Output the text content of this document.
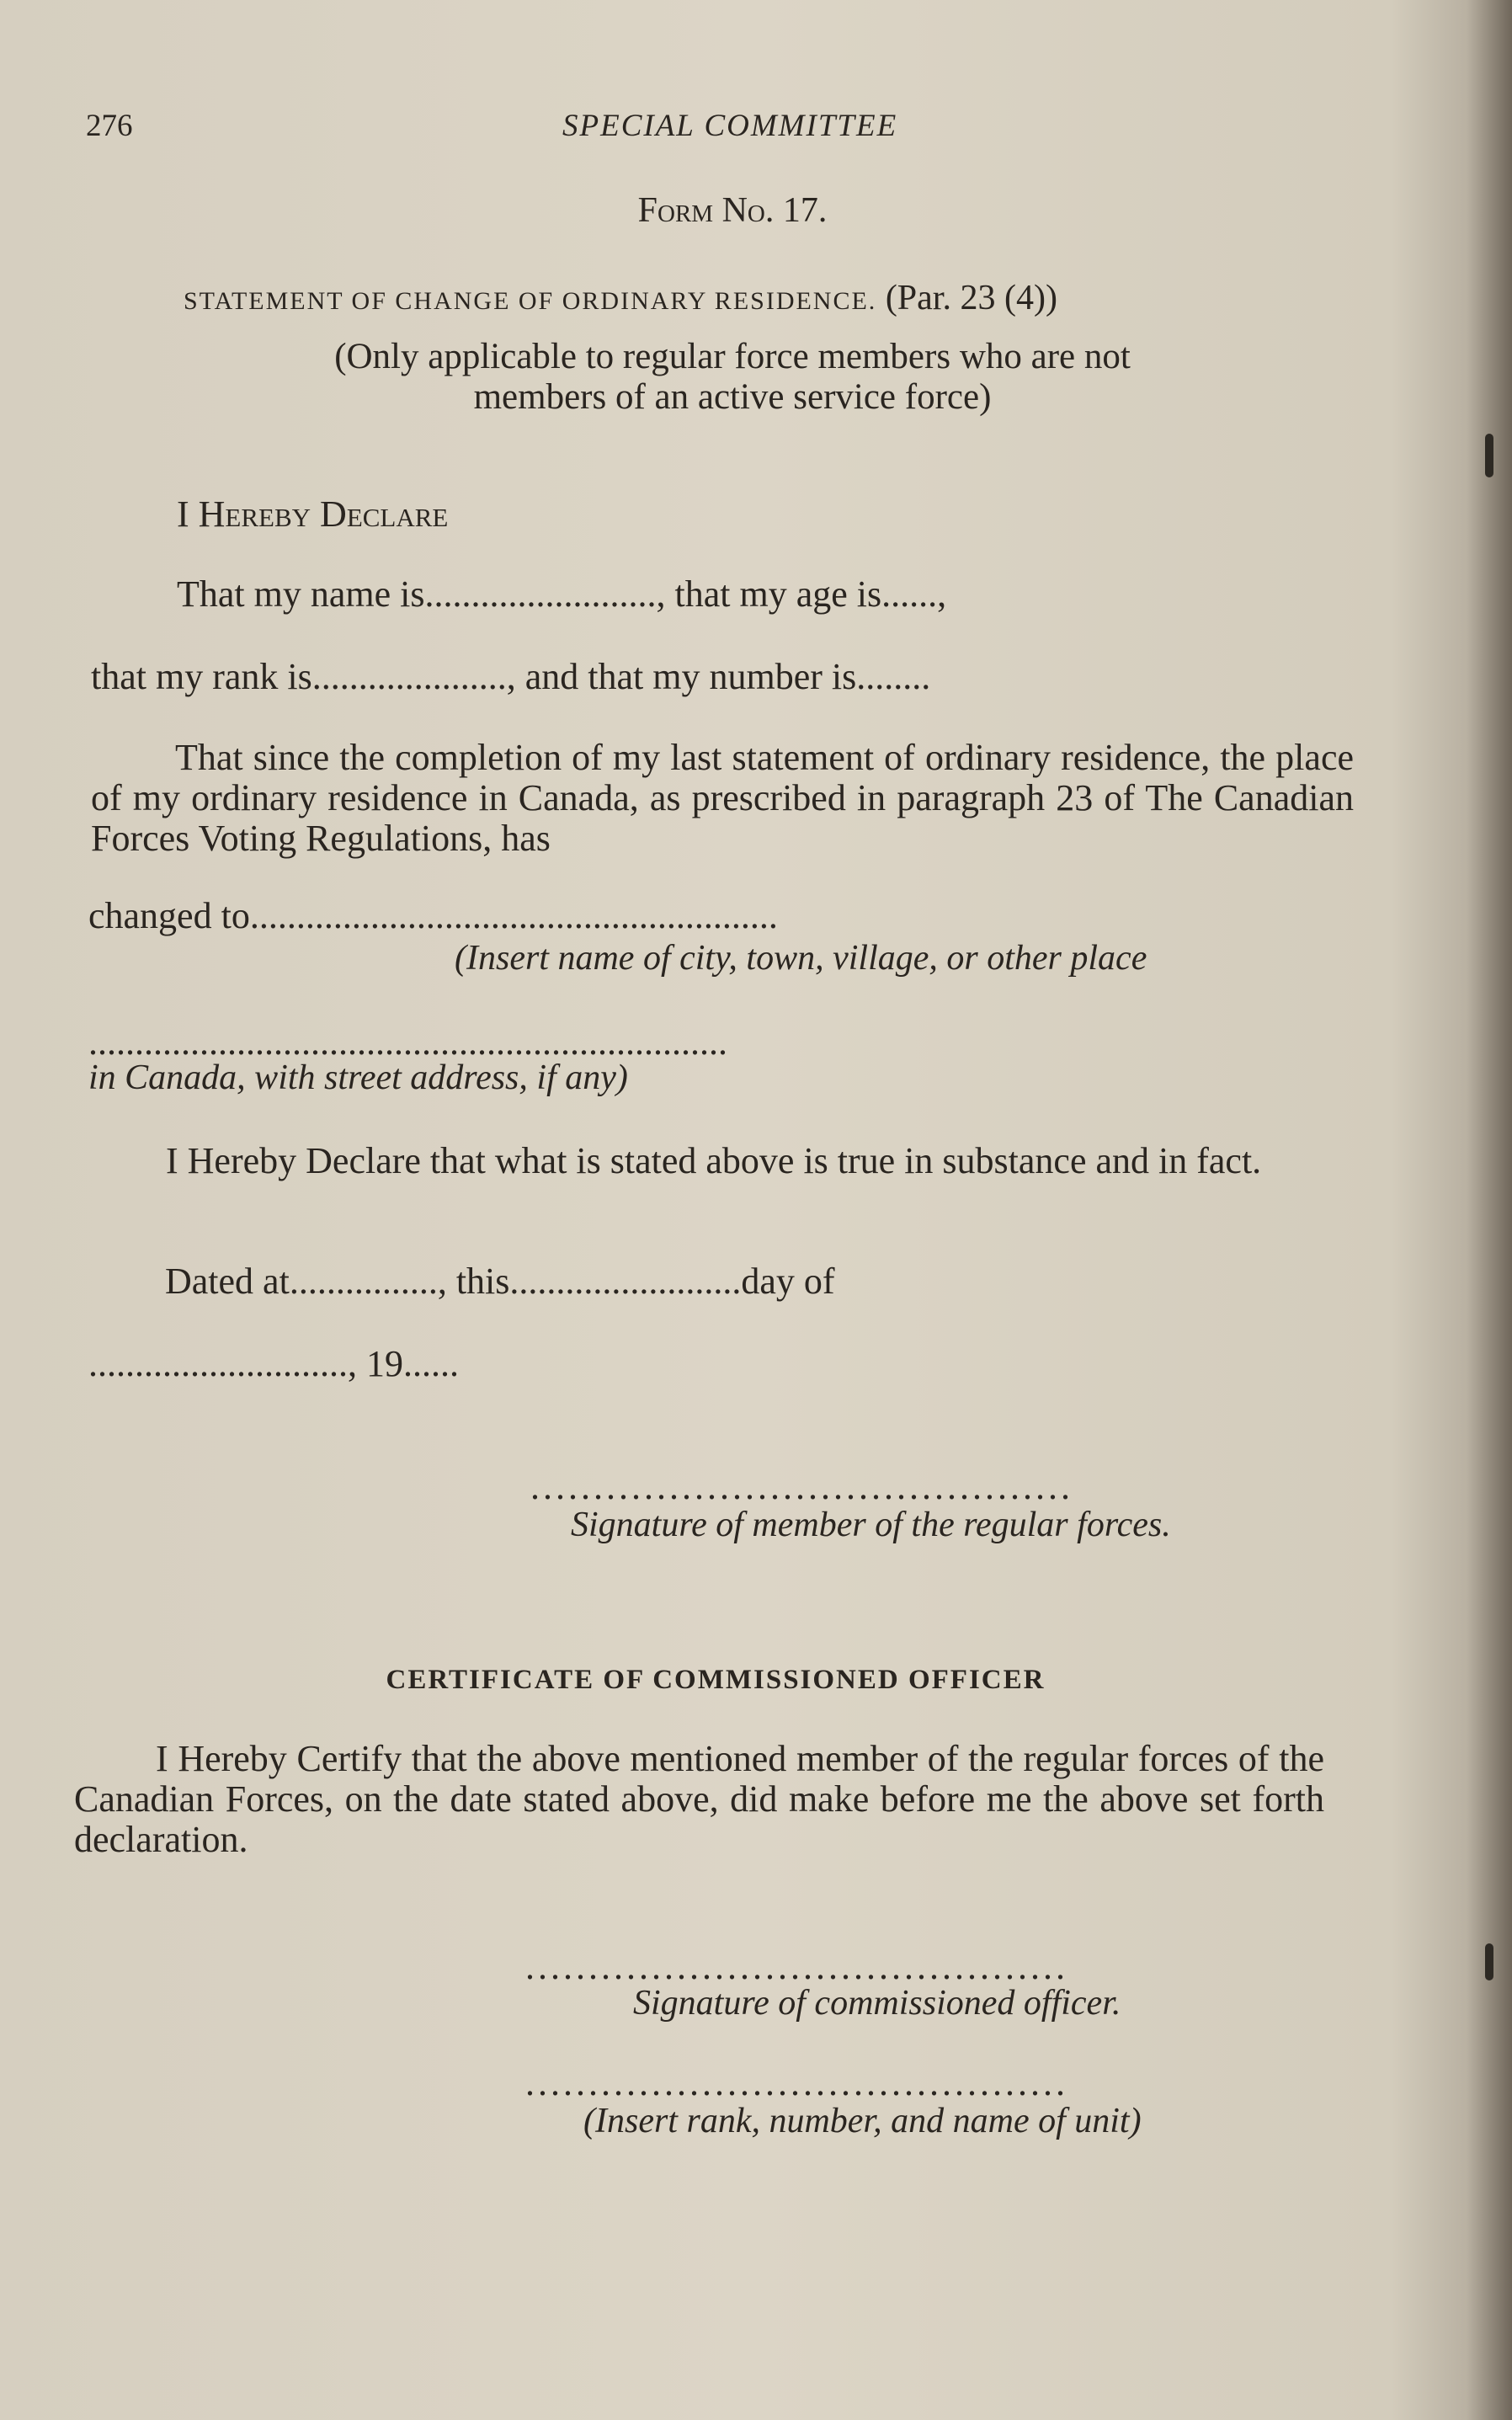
276	SPECIAL COMMITTEE
Form No. 17.
STATEMENT OF CHANGE OF ORDINARY RESIDENCE. (Par. 23 (4))
(Only applicable to regular force members who are not
members of an active service force)
I Hereby Declare
That my name is........................., that my age is......,
that my rank is....................., and that my number is........
That since the completion of my last statement of ordinary residence, the place of my ordinary residence in Canada, as prescribed in paragraph 23 of The Canadian Forces Voting Regulations, has
changed to.........................................................
(Insert name of city, town, village, or other place
.....................................................................
in Canada, with street address, if any)
I Hereby Declare that what is stated above is true in substance and in fact.
Dated at................, this.........................day of
............................, 19......
...........................................
Signature of member of the regular forces.
CERTIFICATE OF COMMISSIONED OFFICER
I Hereby Certify that the above mentioned member of the regular forces of the Canadian Forces, on the date stated above, did make before me the above set forth declaration.
...........................................
Signature of commissioned officer.
...........................................
(Insert rank, number, and name of unit)
